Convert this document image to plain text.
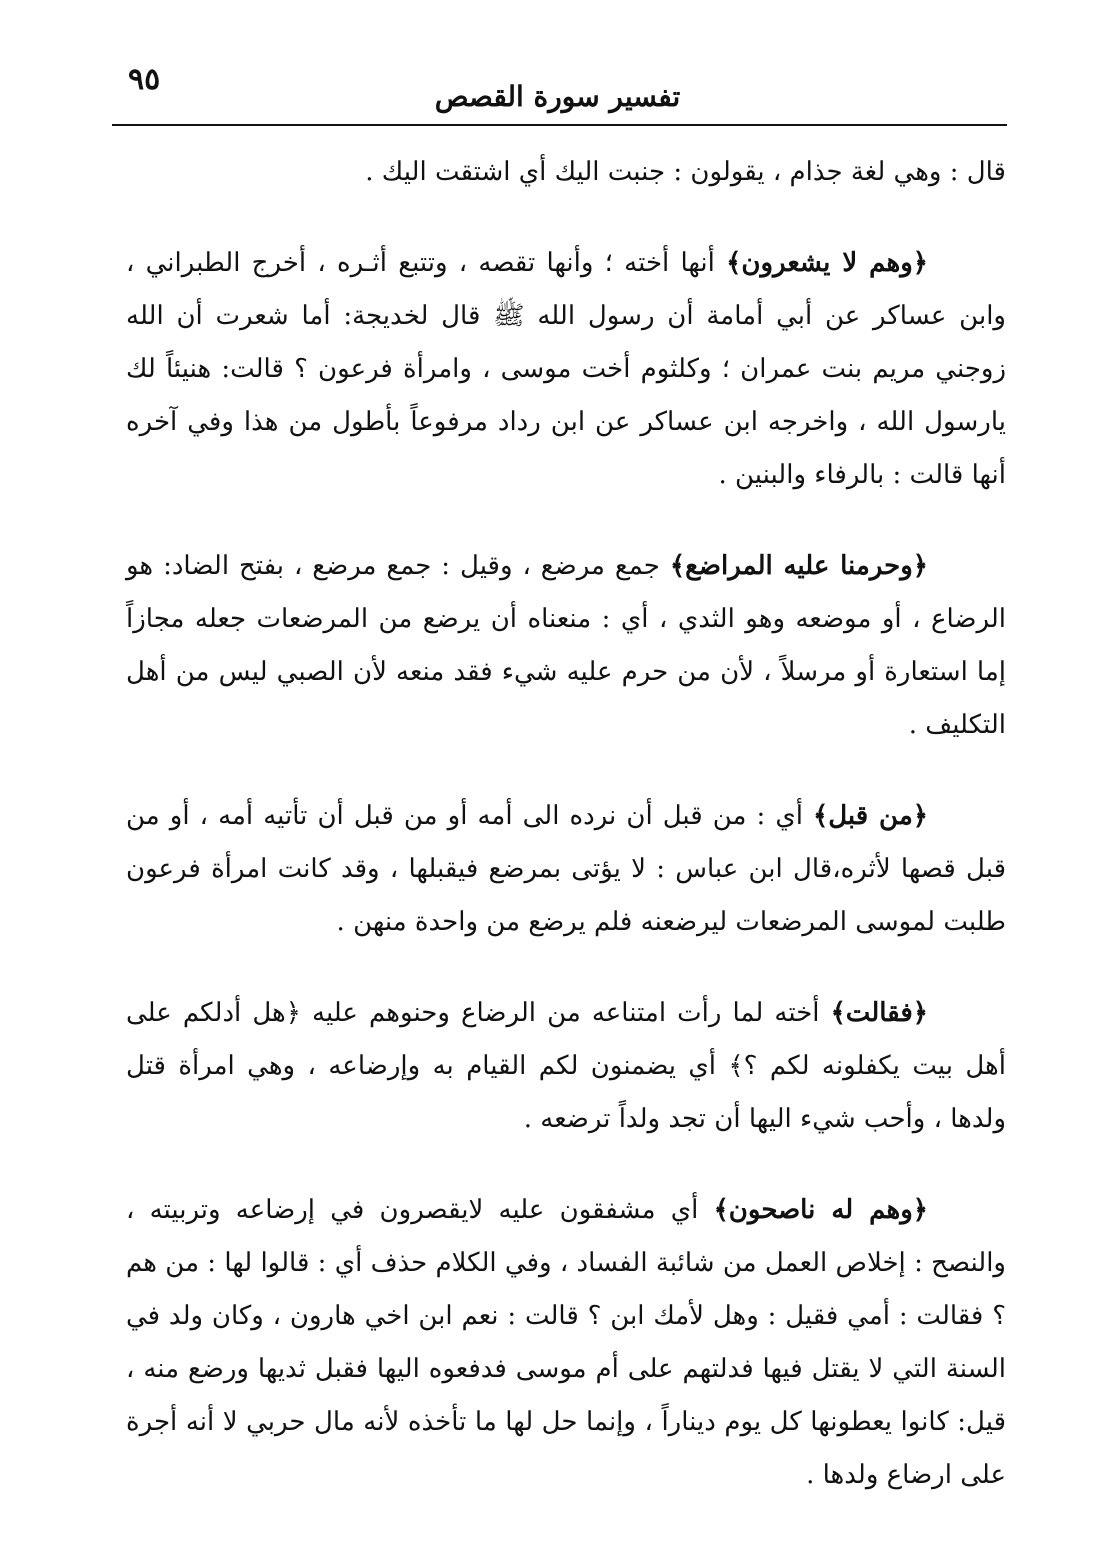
٩٥	تفسير سورة القصص

قال : وهي لغة جذام ، يقولون : جنبت اليك أي اشتقت اليك .

﴿وهم لا يشعرون﴾ أنها أخته ؛ وأنها تقصه ، وتتبع أثـره ، أخرج الطبراني ، وابن عساكر عن أبي أمامة أن رسول الله ﷺ قال لخديجة: أما شعرت أن الله زوجني مريم بنت عمران ؛ وكلثوم أخت موسى ، وامرأة فرعون ؟ قالت: هنيئاً لك يارسول الله ، واخرجه ابن عساكر عن ابن رداد مرفوعاً بأطول من هذا وفي آخره أنها قالت : بالرفاء والبنين .

﴿وحرمنا عليه المراضع﴾ جمع مرضع ، وقيل : جمع مرضع ، بفتح الضاد: هو الرضاع ، أو موضعه وهو الثدي ، أي : منعناه أن يرضع من المرضعات جعله مجازاً إما استعارة أو مرسلاً ، لأن من حرم عليه شيء فقد منعه لأن الصبي ليس من أهل التكليف .

﴿من قبل﴾ أي : من قبل أن نرده الى أمه أو من قبل أن تأتيه أمه ، أو من قبل قصها لأثره،قال ابن عباس : لا يؤتى بمرضع فيقبلها ، وقد كانت امرأة فرعون طلبت لموسى المرضعات ليرضعنه فلم يرضع من واحدة منهن .

﴿فقالت﴾ أخته لما رأت امتناعه من الرضاع وحنوهم عليه ﴿هل أدلكم على أهل بيت يكفلونه لكم ؟﴾ أي يضمنون لكم القيام به وإرضاعه ، وهي امرأة قتل ولدها ، وأحب شيء اليها أن تجد ولداً ترضعه .

﴿وهم له ناصحون﴾ أي مشفقون عليه لايقصرون في إرضاعه وتربيته ، والنصح : إخلاص العمل من شائبة الفساد ، وفي الكلام حذف أي : قالوا لها : من هم ؟ فقالت : أمي فقيل : وهل لأمك ابن ؟ قالت : نعم ابن اخي هارون ، وكان ولد في السنة التي لا يقتل فيها فدلتهم على أم موسى فدفعوه اليها فقبل ثديها ورضع منه ، قيل: كانوا يعطونها كل يوم ديناراً ، وإنما حل لها ما تأخذه لأنه مال حربي لا أنه أجرة على ارضاع ولدها .
